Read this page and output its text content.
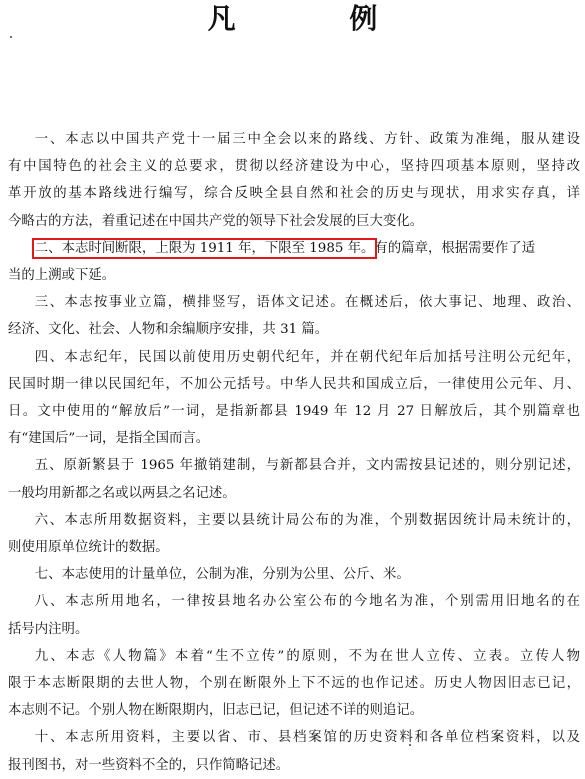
凡 例
一、本志以中国共产党十一届三中全会以来的路线、方针、政策为准绳，服从建设
有中国特色的社会主义的总要求，贯彻以经济建设为中心，坚持四项基本原则，坚持改
革开放的基本路线进行编写，综合反映全县自然和社会的历史与现状，用求实存真，详
今略古的方法，着重记述在中国共产党的领导下社会发展的巨大变化。
二、本志时间断限，上限为 1911 年，下限至 1985 年。有的篇章，根据需要作了适
当的上溯或下延。
三、本志按事业立篇，横排竖写，语体文记述。在概述后，依大事记、地理、政治、
经济、文化、社会、人物和余编顺序安排，共 31 篇。
四、本志纪年，民国以前使用历史朝代纪年，并在朝代纪年后加括号注明公元纪年，
民国时期一律以民国纪年，不加公元括号。中华人民共和国成立后，一律使用公元年、月、
日。文中使用的“解放后”一词，是指新都县 1949 年 12 月 27 日解放后，其个别篇章也
有“建国后”一词，是指全国而言。
五、原新繁县于 1965 年撤销建制，与新都县合并，文内需按县记述的，则分别记述，
一般均用新都之名或以两县之名记述。
六、本志所用数据资料，主要以县统计局公布的为准，个别数据因统计局未统计的，
则使用原单位统计的数据。
七、本志使用的计量单位，公制为准，分别为公里、公斤、米。
八、本志所用地名，一律按县地名办公室公布的今地名为准，个别需用旧地名的在
括号内注明。
九、本志《人物篇》本着“生不立传”的原则，不为在世人立传、立表。立传人物
限于本志断限期的去世人物，个别在断限外上下不远的也作记述。历史人物因旧志已记，
本志则不记。个别人物在断限期内，旧志已记，但记述不详的则追记。
十、本志所用资料，主要以省、市、县档案馆的历史资料和各单位档案资料，以及
报刊图书，对一些资料不全的，只作简略记述。
